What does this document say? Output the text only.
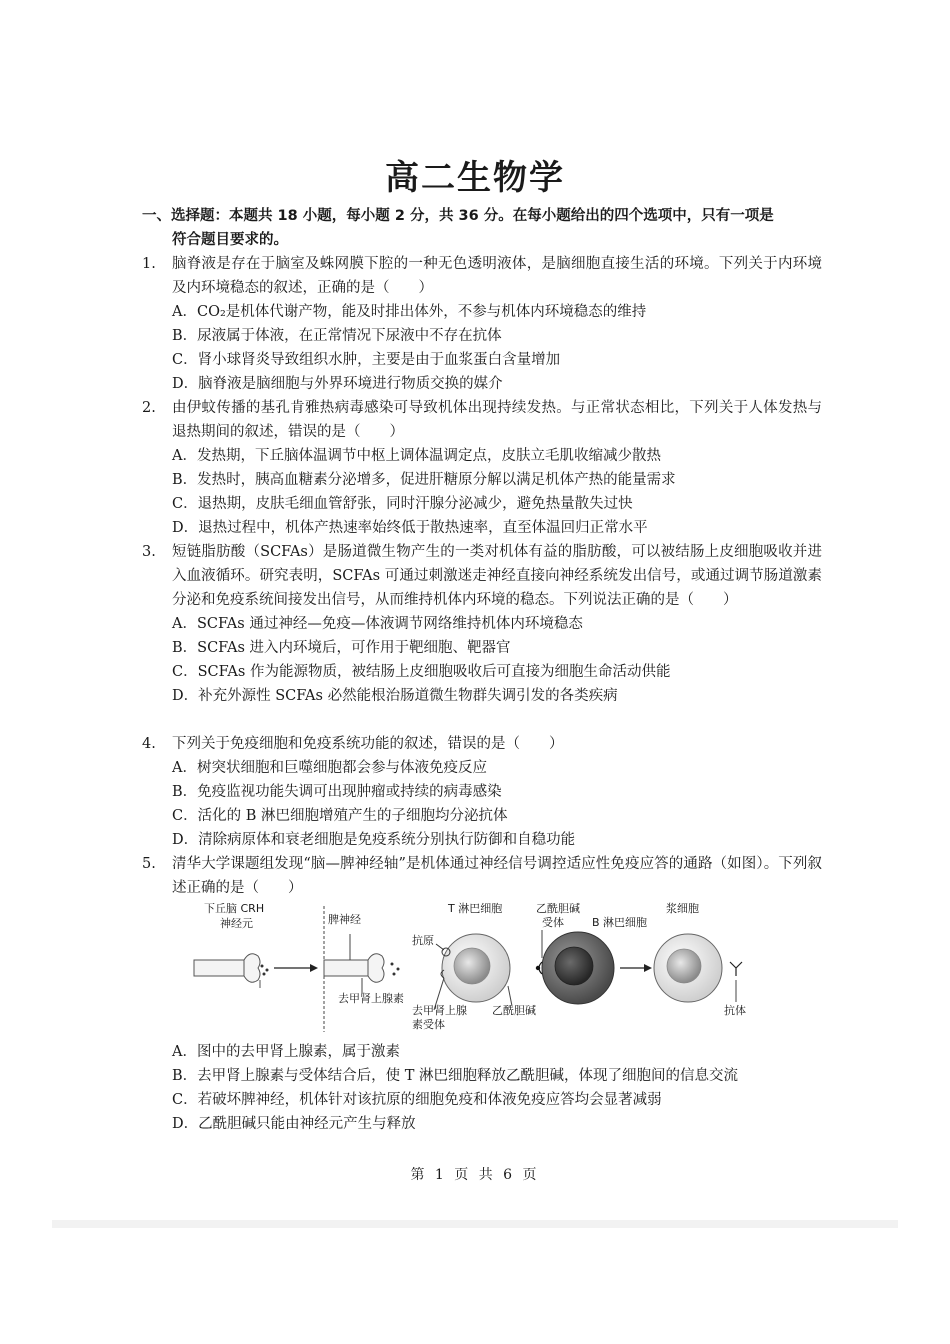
高二生物学
一、选择题：本题共 18 小题，每小题 2 分，共 36 分。在每小题给出的四个选项中，只有一项是
符合题目要求的。
1. 脑脊液是存在于脑室及蛛网膜下腔的一种无色透明液体，是脑细胞直接生活的环境。下列关于内环境及内环境稳态的叙述，正确的是（　　）
A．CO₂是机体代谢产物，能及时排出体外，不参与机体内环境稳态的维持
B．尿液属于体液，在正常情况下尿液中不存在抗体
C．肾小球肾炎导致组织水肿，主要是由于血浆蛋白含量增加
D．脑脊液是脑细胞与外界环境进行物质交换的媒介
2. 由伊蚊传播的基孔肯雅热病毒感染可导致机体出现持续发热。与正常状态相比，下列关于人体发热与退热期间的叙述，错误的是（　　）
A．发热期，下丘脑体温调节中枢上调体温调定点，皮肤立毛肌收缩减少散热
B．发热时，胰高血糖素分泌增多，促进肝糖原分解以满足机体产热的能量需求
C．退热期，皮肤毛细血管舒张，同时汗腺分泌减少，避免热量散失过快
D．退热过程中，机体产热速率始终低于散热速率，直至体温回归正常水平
3. 短链脂肪酸（SCFAs）是肠道微生物产生的一类对机体有益的脂肪酸，可以被结肠上皮细胞吸收并进入血液循环。研究表明，SCFAs 可通过刺激迷走神经直接向神经系统发出信号，或通过调节肠道激素分泌和免疫系统间接发出信号，从而维持机体内环境的稳态。下列说法正确的是（　　）
A．SCFAs 通过神经—免疫—体液调节网络维持机体内环境稳态
B．SCFAs 进入内环境后，可作用于靶细胞、靶器官
C．SCFAs 作为能源物质，被结肠上皮细胞吸收后可直接为细胞生命活动供能
D．补充外源性 SCFAs 必然能根治肠道微生物群失调引发的各类疾病
4. 下列关于免疫细胞和免疫系统功能的叙述，错误的是（　　）
A．树突状细胞和巨噬细胞都会参与体液免疫反应
B．免疫监视功能失调可出现肿瘤或持续的病毒感染
C．活化的 B 淋巴细胞增殖产生的子细胞均分泌抗体
D．清除病原体和衰老细胞是免疫系统分别执行防御和自稳功能
5. 清华大学课题组发现“脑—脾神经轴”是机体通过神经信号调控适应性免疫应答的通路（如图）。下列叙述正确的是（　　）
下丘脑 CRH
神经元	脾神经
T 淋巴细胞	乙酰胆碱
受体	B 淋巴细胞
浆细胞
去甲肾上腺素
抗原
去甲肾上腺
素受体
乙酰胆碱	抗体
A．图中的去甲肾上腺素，属于激素
B．去甲肾上腺素与受体结合后，使 T 淋巴细胞释放乙酰胆碱，体现了细胞间的信息交流
C．若破坏脾神经，机体针对该抗原的细胞免疫和体液免疫应答均会显著减弱
D．乙酰胆碱只能由神经元产生与释放
第 1 页 共 6 页
